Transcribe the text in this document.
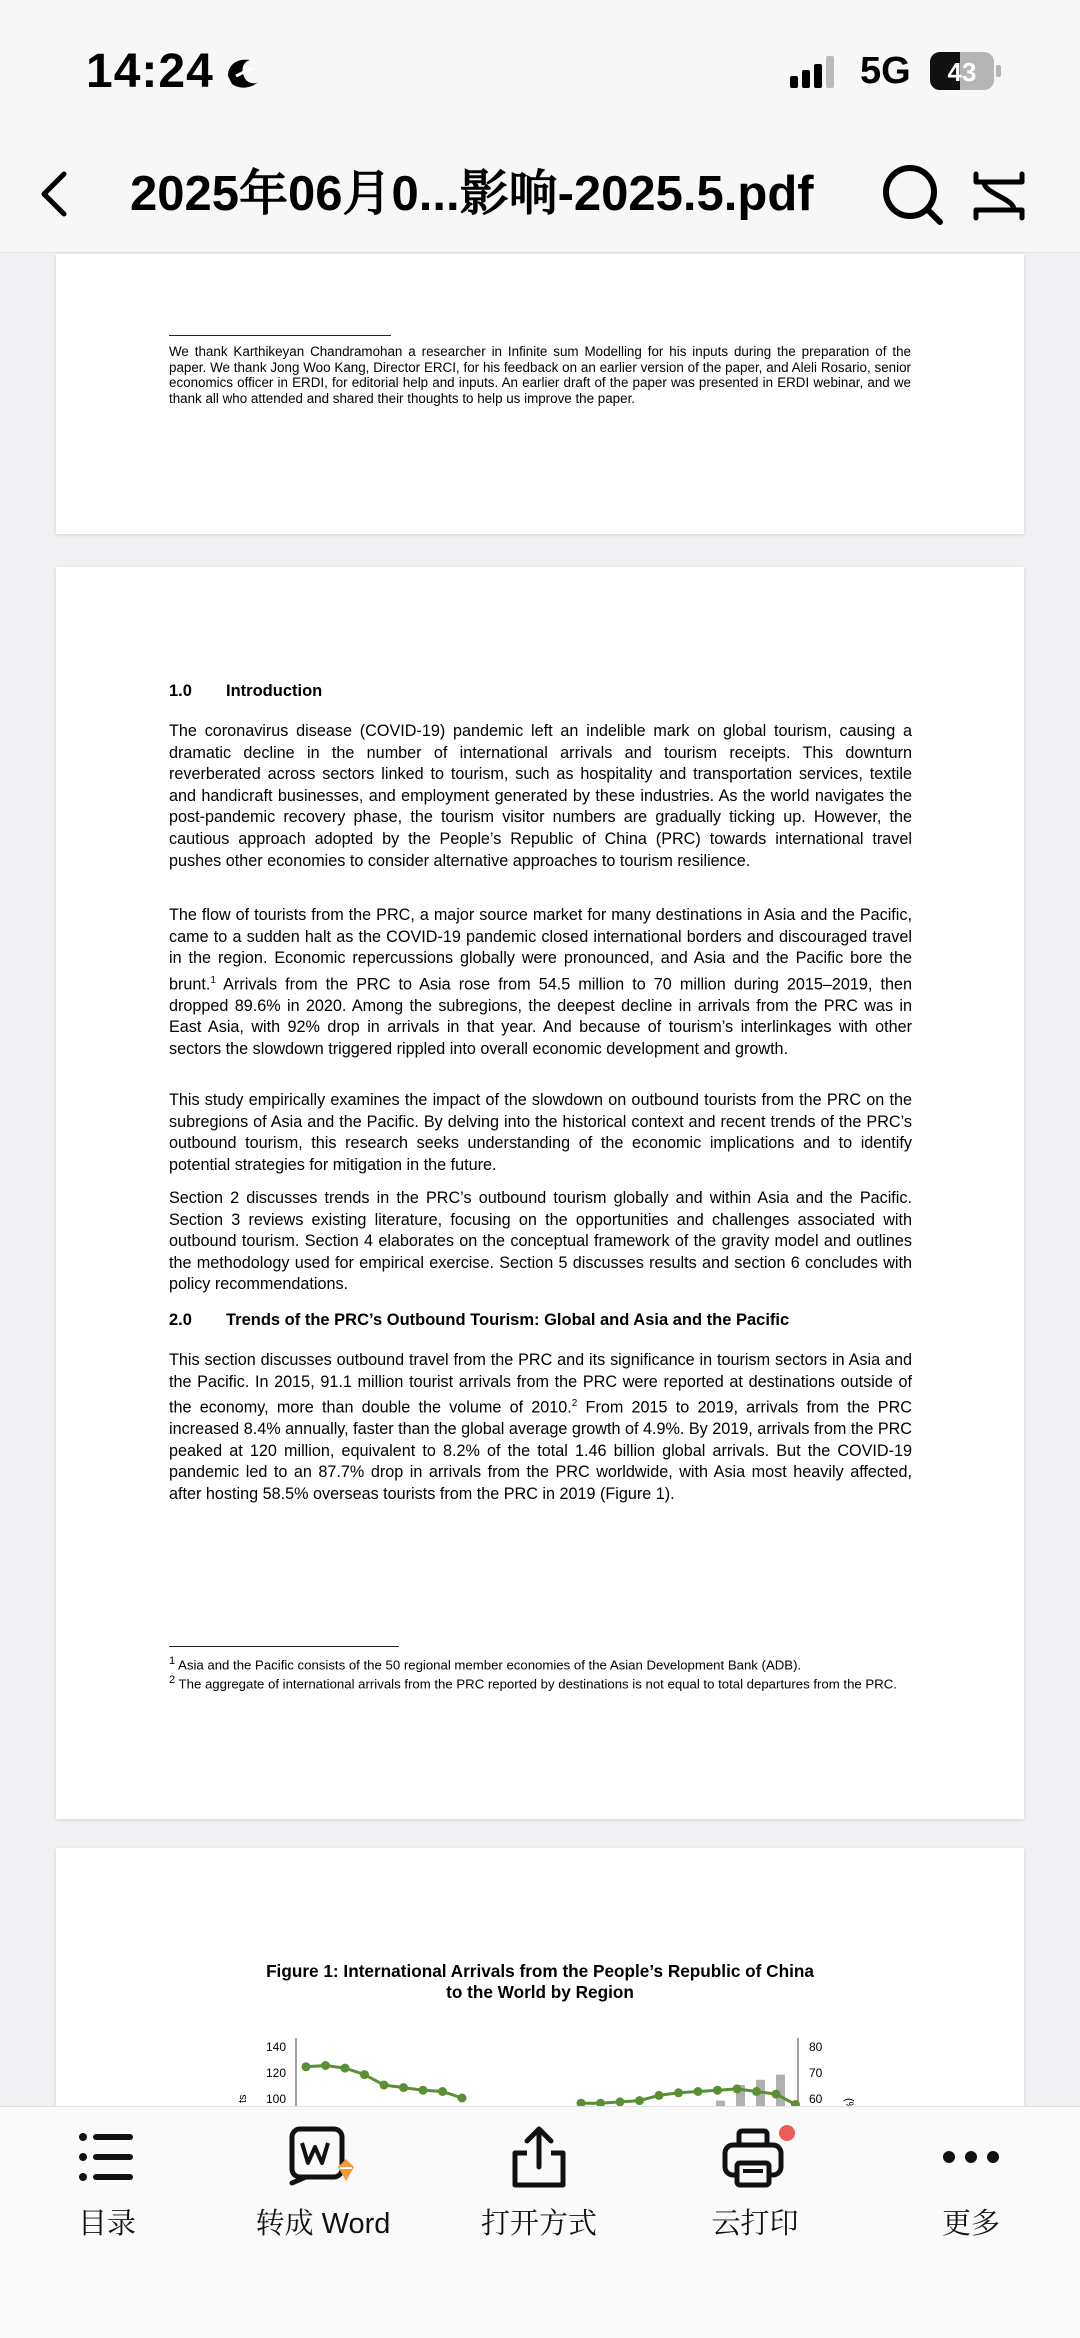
14:24	5G 43
2025年06月0...影响-2025.5.pdf
We thank Karthikeyan Chandramohan a researcher in Infinite sum Modelling for his inputs during the preparation of the paper. We thank Jong Woo Kang, Director ERCI, for his feedback on an earlier version of the paper, and Aleli Rosario, senior economics officer in ERDI, for editorial help and inputs. An earlier draft of the paper was presented in ERDI webinar, and we thank all who attended and shared their thoughts to help us improve the paper.
1.0 Introduction

The coronavirus disease (COVID-19) pandemic left an indelible mark on global tourism, causing a dramatic decline in the number of international arrivals and tourism receipts. This downturn reverberated across sectors linked to tourism, such as hospitality and transportation services, textile and handicraft businesses, and employment generated by these industries. As the world navigates the post-pandemic recovery phase, the tourism visitor numbers are gradually ticking up. However, the cautious approach adopted by the People’s Republic of China (PRC) towards international travel pushes other economies to consider alternative approaches to tourism resilience.

The flow of tourists from the PRC, a major source market for many destinations in Asia and the Pacific, came to a sudden halt as the COVID-19 pandemic closed international borders and discouraged travel in the region. Economic repercussions globally were pronounced, and Asia and the Pacific bore the brunt.$^1$ Arrivals from the PRC to Asia rose from 54.5 million to 70 million during 2015–2019, then dropped 89.6% in 2020. Among the subregions, the deepest decline in arrivals from the PRC was in East Asia, with 92% drop in arrivals in that year. And because of tourism’s interlinkages with other sectors the slowdown triggered rippled into overall economic development and growth.

This study empirically examines the impact of the slowdown on outbound tourists from the PRC on the subregions of Asia and the Pacific. By delving into the historical context and recent trends of the PRC’s outbound tourism, this research seeks understanding of the economic implications and to identify potential strategies for mitigation in the future.

Section 2 discusses trends in the PRC’s outbound tourism globally and within Asia and the Pacific. Section 3 reviews existing literature, focusing on the opportunities and challenges associated with outbound tourism. Section 4 elaborates on the conceptual framework of the gravity model and outlines the methodology used for empirical exercise. Section 5 discusses results and section 6 concludes with policy recommendations.

2.0 Trends of the PRC’s Outbound Tourism: Global and Asia and the Pacific

This section discusses outbound travel from the PRC and its significance in tourism sectors in Asia and the Pacific. In 2015, 91.1 million tourist arrivals from the PRC were reported at destinations outside of the economy, more than double the volume of 2010.$^2$ From 2015 to 2019, arrivals from the PRC increased 8.4% annually, faster than the global average growth of 4.9%. By 2019, arrivals from the PRC peaked at 120 million, equivalent to 8.2% of the total 1.46 billion global arrivals. But the COVID-19 pandemic led to an 87.7% drop in arrivals from the PRC worldwide, with Asia most heavily affected, after hosting 58.5% overseas tourists from the PRC in 2019 (Figure 1).

$^1$ Asia and the Pacific consists of the 50 regional member economies of the Asian Development Bank (ADB).
$^2$ The aggregate of international arrivals from the PRC reported by destinations is not equal to total departures from the PRC.
Figure 1: International Arrivals from the People’s Republic of China
to the World by Region
140
120
100
ts
80
70
60
目录	转成 Word	打开方式	云打印	更多
